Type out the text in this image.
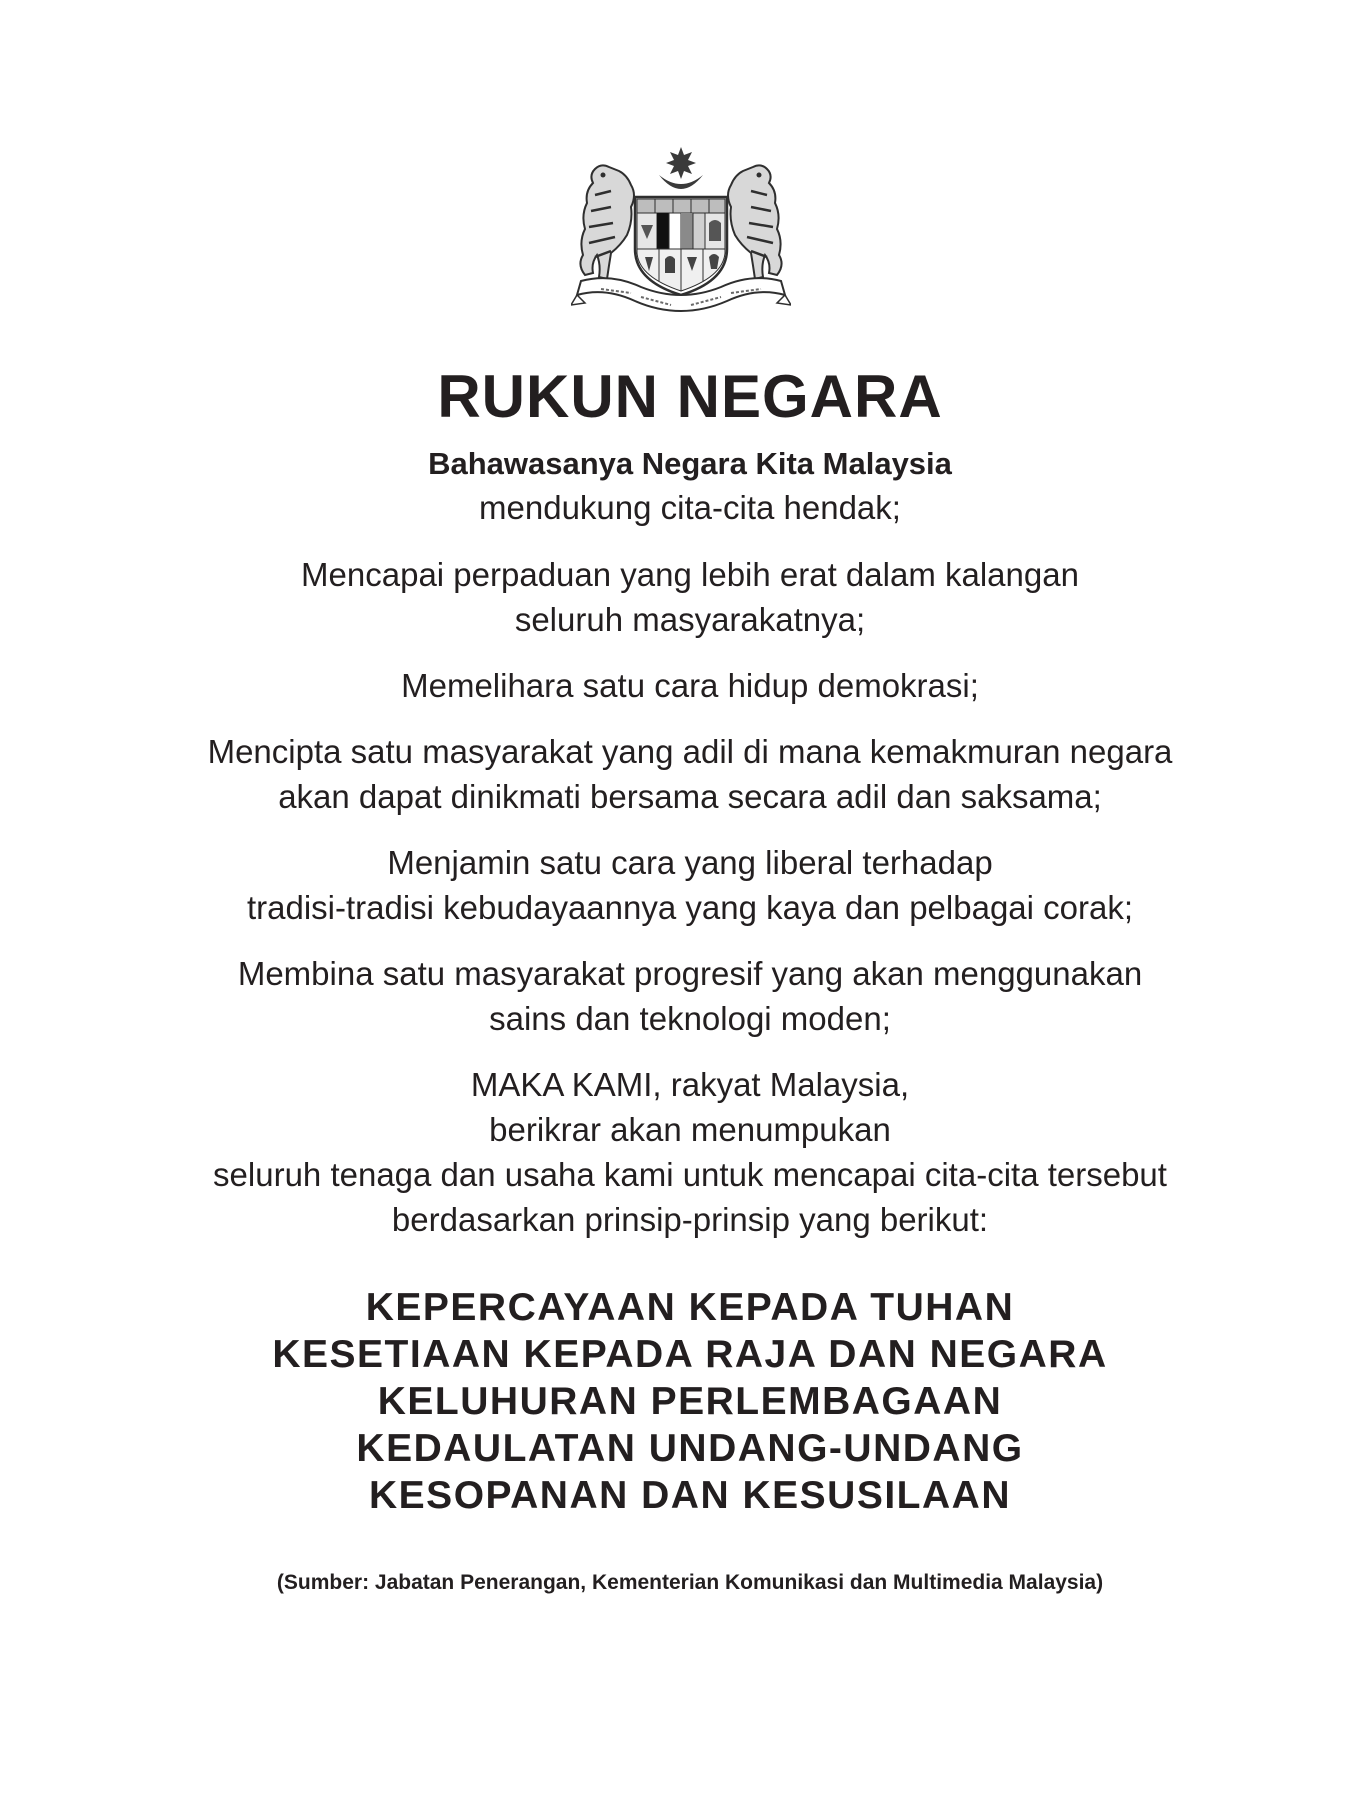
RUKUN NEGARA
Bahawasanya Negara Kita Malaysia
mendukung cita-cita hendak;
Mencapai perpaduan yang lebih erat dalam kalangan
seluruh masyarakatnya;
Memelihara satu cara hidup demokrasi;
Mencipta satu masyarakat yang adil di mana kemakmuran negara
akan dapat dinikmati bersama secara adil dan saksama;
Menjamin satu cara yang liberal terhadap
tradisi-tradisi kebudayaannya yang kaya dan pelbagai corak;
Membina satu masyarakat progresif yang akan menggunakan
sains dan teknologi moden;
MAKA KAMI, rakyat Malaysia,
berikrar akan menumpukan
seluruh tenaga dan usaha kami untuk mencapai cita-cita tersebut
berdasarkan prinsip-prinsip yang berikut:
KEPERCAYAAN KEPADA TUHAN
KESETIAAN KEPADA RAJA DAN NEGARA
KELUHURAN PERLEMBAGAAN
KEDAULATAN UNDANG-UNDANG
KESOPANAN DAN KESUSILAAN
(Sumber: Jabatan Penerangan, Kementerian Komunikasi dan Multimedia Malaysia)
